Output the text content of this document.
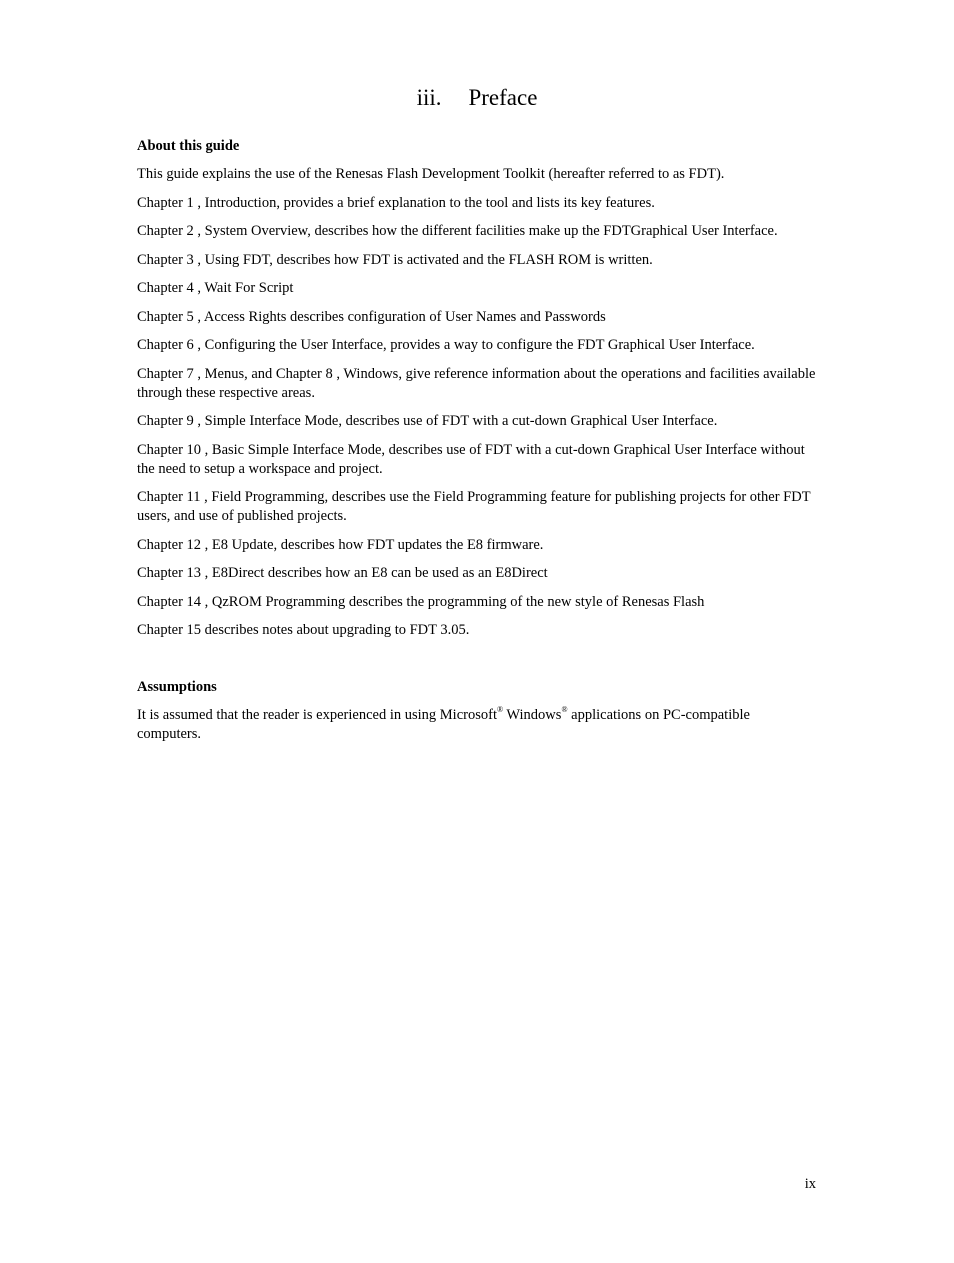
iii. Preface
About this guide
This guide explains the use of the Renesas Flash Development Toolkit (hereafter referred to as FDT).
Chapter 1 , Introduction, provides a brief explanation to the tool and lists its key features.
Chapter 2 , System Overview, describes how the different facilities make up the FDTGraphical User Interface.
Chapter 3 , Using FDT, describes how FDT is activated and the FLASH ROM is written.
Chapter 4 , Wait For Script
Chapter 5 , Access Rights describes configuration of User Names and Passwords
Chapter 6 , Configuring the User Interface, provides a way to configure the FDT Graphical User Interface.
Chapter 7 , Menus, and Chapter 8 , Windows, give reference information about the operations and facilities available through these respective areas.
Chapter 9 , Simple Interface Mode, describes use of FDT with a cut-down Graphical User Interface.
Chapter 10 , Basic Simple Interface Mode, describes use of FDT with a cut-down Graphical User Interface without the need to setup a workspace and project.
Chapter 11 , Field Programming, describes use the Field Programming feature for publishing projects for other FDT users, and use of published projects.
Chapter 12 , E8 Update, describes how FDT updates the E8 firmware.
Chapter 13 , E8Direct describes how an E8 can be used as an E8Direct
Chapter 14 , QzROM Programming describes the programming of the new style of Renesas Flash
Chapter 15 describes notes about upgrading to FDT 3.05.
Assumptions
It is assumed that the reader is experienced in using Microsoft® Windows® applications on PC-compatible computers.
ix
